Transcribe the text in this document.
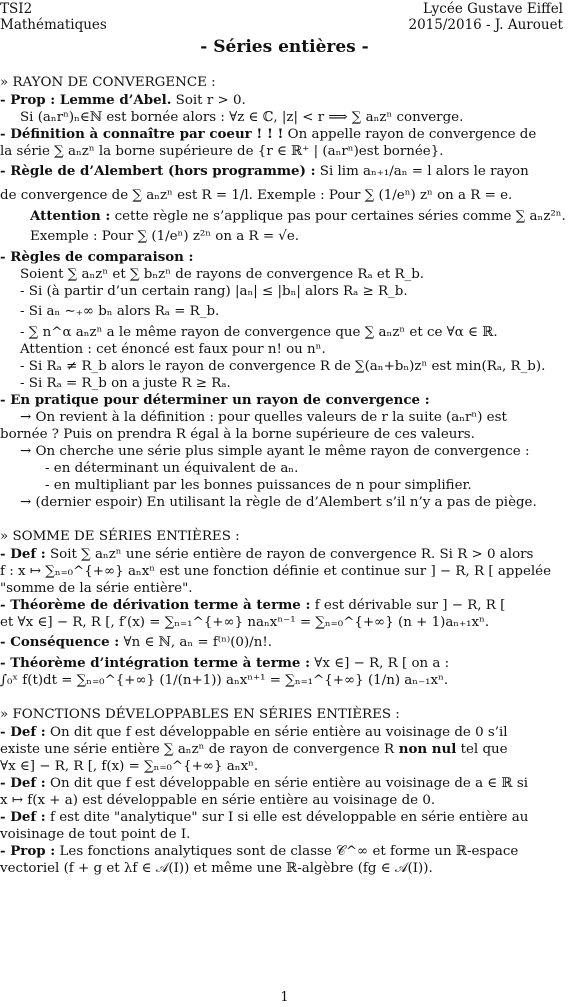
TSI2
Mathématiques
Lycée Gustave Eiffel
2015/2016 - J. Aurouet
- Séries entières -
» RAYON DE CONVERGENCE :
- Prop : Lemme d’Abel. Soit r > 0.
Si (aₙrⁿ)ₙ∈ℕ est bornée alors : ∀z ∈ ℂ, |z| < r ⟹ ∑ aₙzⁿ converge.
- Définition à connaître par coeur ! ! ! On appelle rayon de convergence de
la série ∑ aₙzⁿ la borne supérieure de {r ∈ ℝ⁺ | (aₙrⁿ)est bornée}.
- Règle de d’Alembert (hors programme) : Si lim aₙ₊₁/aₙ = l alors le rayon
de convergence de ∑ aₙzⁿ est R = 1/l. Exemple : Pour ∑ (1/eⁿ) zⁿ on a R = e.
Attention : cette règle ne s’applique pas pour certaines séries comme ∑ aₙz²ⁿ.
Exemple : Pour ∑ (1/eⁿ) z²ⁿ on a R = √e.
- Règles de comparaison :
Soient ∑ aₙzⁿ et ∑ bₙzⁿ de rayons de convergence Rₐ et R_b.
- Si (à partir d’un certain rang) |aₙ| ≤ |bₙ| alors Rₐ ≥ R_b.
- Si aₙ ∼₊∞ bₙ alors Rₐ = R_b.
- ∑ n^α aₙzⁿ a le même rayon de convergence que ∑ aₙzⁿ et ce ∀α ∈ ℝ.
Attention : cet énoncé est faux pour n! ou nⁿ.
- Si Rₐ ≠ R_b alors le rayon de convergence R de ∑(aₙ+bₙ)zⁿ est min(Rₐ, R_b).
- Si Rₐ = R_b on a juste R ≥ Rₐ.
- En pratique pour déterminer un rayon de convergence :
→ On revient à la définition : pour quelles valeurs de r la suite (aₙrⁿ) est
bornée ? Puis on prendra R égal à la borne supérieure de ces valeurs.
→ On cherche une série plus simple ayant le même rayon de convergence :
- en déterminant un équivalent de aₙ.
- en multipliant par les bonnes puissances de n pour simplifier.
→ (dernier espoir) En utilisant la règle de d’Alembert s’il n’y a pas de piège.
» SOMME DE SÉRIES ENTIÈRES :
- Def : Soit ∑ aₙzⁿ une série entière de rayon de convergence R. Si R > 0 alors
f : x ↦ ∑ₙ₌₀^{+∞} aₙxⁿ est une fonction définie et continue sur ] − R, R [ appelée
"somme de la série entière".
- Théorème de dérivation terme à terme : f est dérivable sur ] − R, R [
et ∀x ∈] − R, R [, f′(x) = ∑ₙ₌₁^{+∞} naₙxⁿ⁻¹ = ∑ₙ₌₀^{+∞} (n + 1)aₙ₊₁xⁿ.
- Conséquence : ∀n ∈ ℕ, aₙ = f⁽ⁿ⁾(0)/n!.
- Théorème d’intégration terme à terme : ∀x ∈] − R, R [ on a :
∫₀ˣ f(t)dt = ∑ₙ₌₀^{+∞} (1/(n+1)) aₙxⁿ⁺¹ = ∑ₙ₌₁^{+∞} (1/n) aₙ₋₁xⁿ.
» FONCTIONS DÉVELOPPABLES EN SÉRIES ENTIÈRES :
- Def : On dit que f est développable en série entière au voisinage de 0 s’il
existe une série entière ∑ aₙzⁿ de rayon de convergence R non nul tel que
∀x ∈] − R, R [, f(x) = ∑ₙ₌₀^{+∞} aₙxⁿ.
- Def : On dit que f est développable en série entière au voisinage de a ∈ ℝ si
x ↦ f(x + a) est développable en série entière au voisinage de 0.
- Def : f est dite "analytique" sur I si elle est développable en série entière au
voisinage de tout point de I.
- Prop : Les fonctions analytiques sont de classe 𝒞^∞ et forme un ℝ-espace
vectoriel (f + g et λf ∈ 𝒜(I)) et même une ℝ-algèbre (fg ∈ 𝒜(I)).
1
